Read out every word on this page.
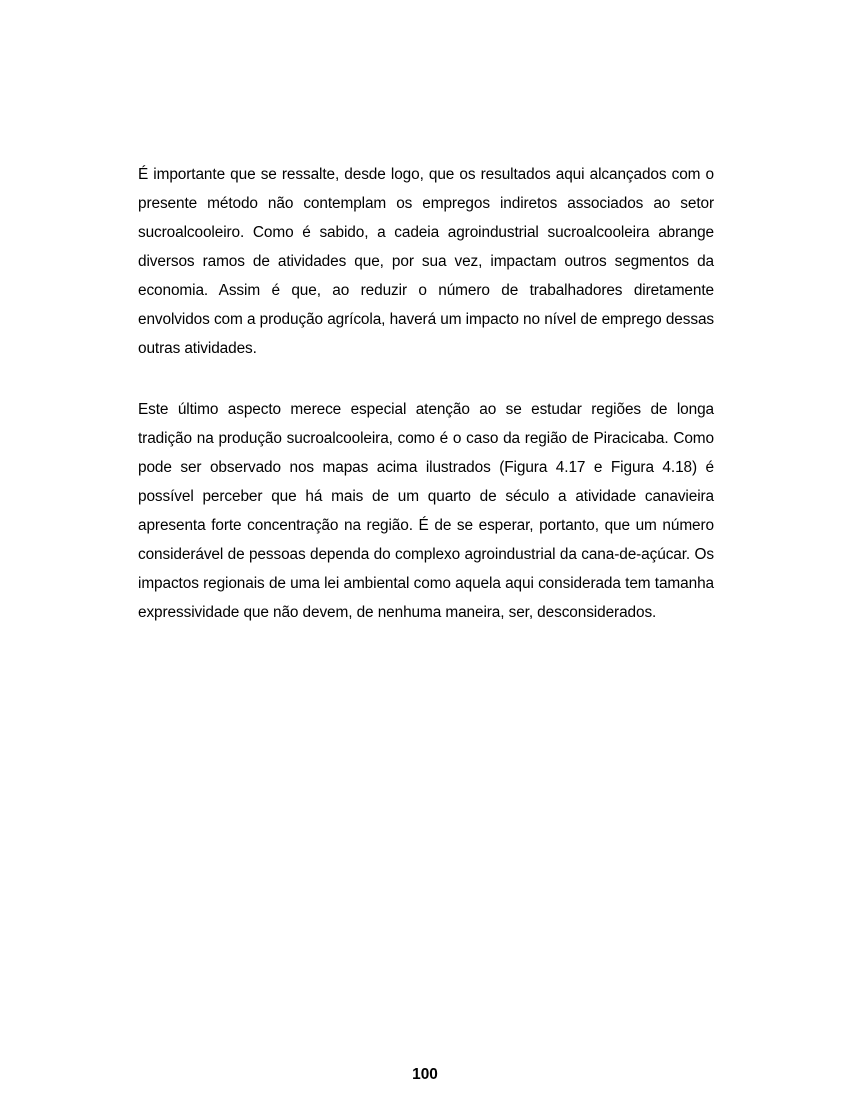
É importante que se ressalte, desde logo, que os resultados aqui alcançados com o presente método não contemplam os empregos indiretos associados ao setor sucroalcooleiro. Como é sabido, a cadeia agroindustrial sucroalcooleira abrange diversos ramos de atividades que, por sua vez, impactam outros segmentos da economia. Assim é que, ao reduzir o número de trabalhadores diretamente envolvidos com a produção agrícola, haverá um impacto no nível de emprego dessas outras atividades.

Este último aspecto merece especial atenção ao se estudar regiões de longa tradição na produção sucroalcooleira, como é o caso da região de Piracicaba. Como pode ser observado nos mapas acima ilustrados (Figura 4.17 e Figura 4.18) é possível perceber que há mais de um quarto de século a atividade canavieira apresenta forte concentração na região. É de se esperar, portanto, que um número considerável de pessoas dependa do complexo agroindustrial da cana-de-açúcar. Os impactos regionais de uma lei ambiental como aquela aqui considerada tem tamanha expressividade que não devem, de nenhuma maneira, ser, desconsiderados.

100
